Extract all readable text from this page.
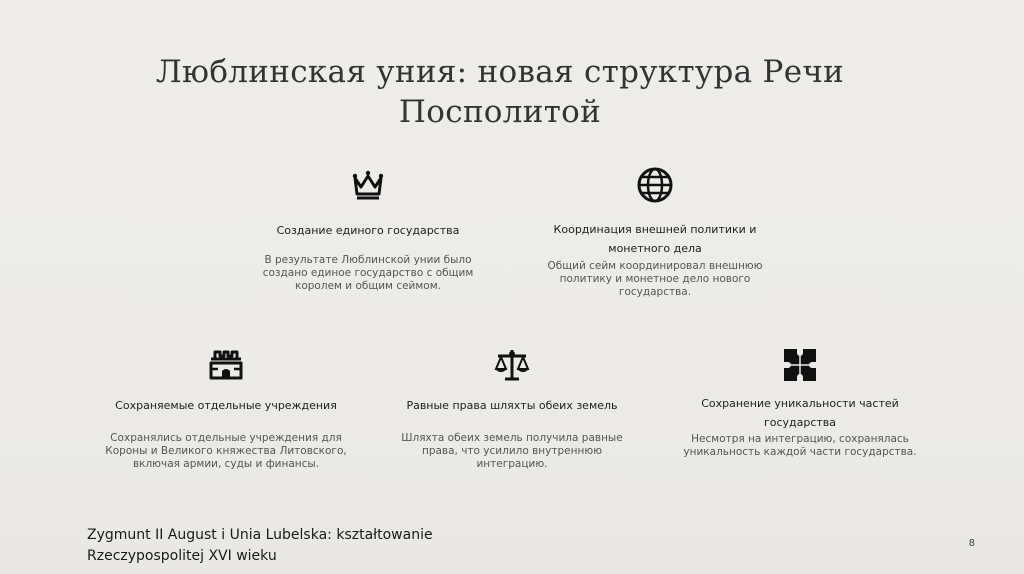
Люблинская уния: новая структура Речи
Посполитой
Создание единого государства
В результате Люблинской унии было
создано единое государство с общим
королем и общим сеймом.
Координация внешней политики и
монетного дела
Общий сейм координировал внешнюю
политику и монетное дело нового
государства.
Сохраняемые отдельные учреждения
Сохранялись отдельные учреждения для
Короны и Великого княжества Литовского,
включая армии, суды и финансы.
Равные права шляхты обеих земель
Шляхта обеих земель получила равные
права, что усилило внутреннюю
интеграцию.
Сохранение уникальности частей
государства
Несмотря на интеграцию, сохранялась
уникальность каждой части государства.
Zygmunt II August i Unia Lubelska: kształtowanie
Rzeczypospolitej XVI wieku
8
